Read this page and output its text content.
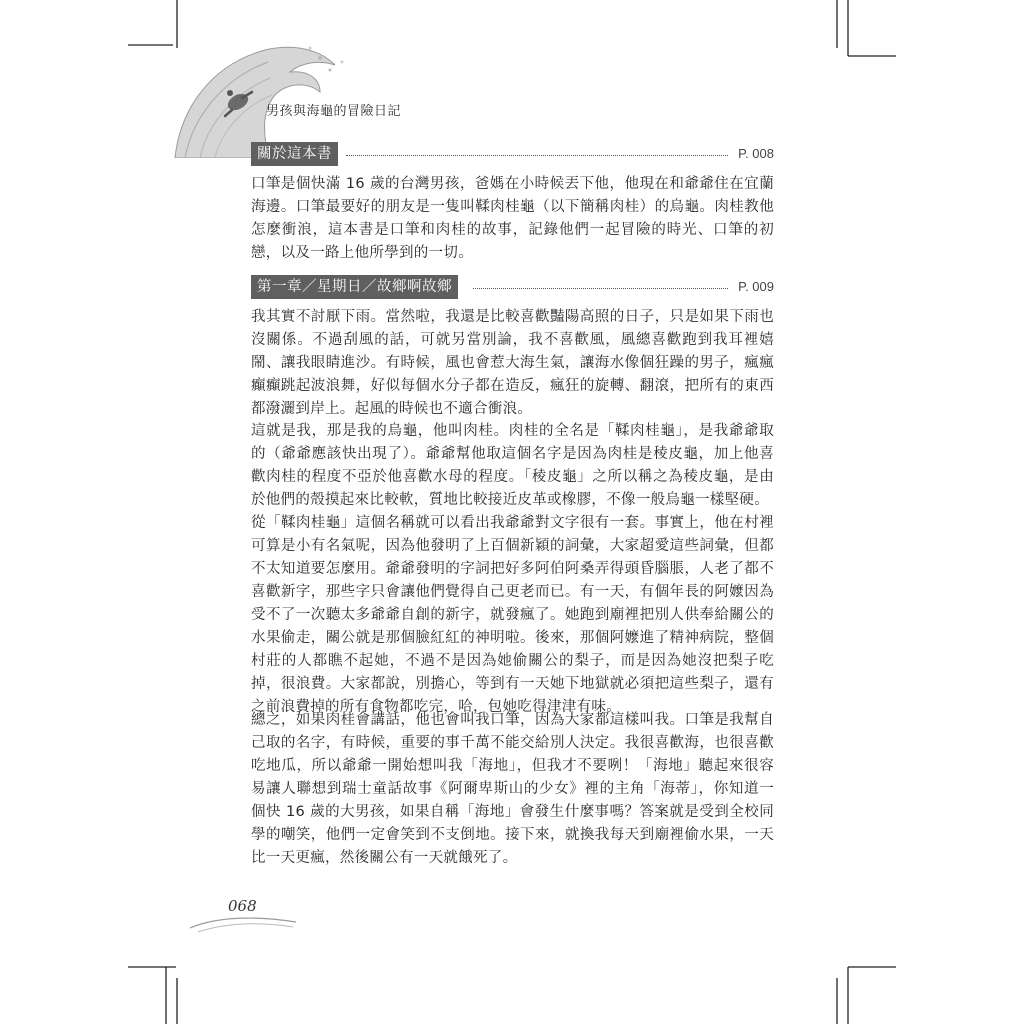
男孩與海龜的冒險日記
關於這本書	P. 008

口筆是個快滿 16 歲的台灣男孩，爸媽在小時候丟下他，他現在和爺爺住在宜蘭海邊。口筆最要好的朋友是一隻叫鞣肉桂龜（以下簡稱肉桂）的烏龜。肉桂教他怎麼衝浪，這本書是口筆和肉桂的故事，記錄他們一起冒險的時光、口筆的初戀，以及一路上他所學到的一切。

第一章／星期日／故鄉啊故鄉	P. 009

我其實不討厭下雨。當然啦，我還是比較喜歡豔陽高照的日子，只是如果下雨也沒關係。不過刮風的話，可就另當別論，我不喜歡風，風總喜歡跑到我耳裡嬉鬧、讓我眼睛進沙。有時候，風也會惹大海生氣，讓海水像個狂躁的男子，瘋瘋癲癲跳起波浪舞，好似每個水分子都在造反，瘋狂的旋轉、翻滾，把所有的東西都潑灑到岸上。起風的時候也不適合衝浪。

這就是我，那是我的烏龜，他叫肉桂。肉桂的全名是「鞣肉桂龜」，是我爺爺取的（爺爺應該快出現了）。爺爺幫他取這個名字是因為肉桂是稜皮龜，加上他喜歡肉桂的程度不亞於他喜歡水母的程度。「稜皮龜」之所以稱之為稜皮龜，是由於他們的殼摸起來比較軟，質地比較接近皮革或橡膠，不像一般烏龜一樣堅硬。

從「鞣肉桂龜」這個名稱就可以看出我爺爺對文字很有一套。事實上，他在村裡可算是小有名氣呢，因為他發明了上百個新穎的詞彙，大家超愛這些詞彙，但都不太知道要怎麼用。爺爺發明的字詞把好多阿伯阿桑弄得頭昏腦脹，人老了都不喜歡新字，那些字只會讓他們覺得自己更老而已。有一天，有個年長的阿嬤因為受不了一次聽太多爺爺自創的新字，就發瘋了。她跑到廟裡把別人供奉給關公的水果偷走，關公就是那個臉紅紅的神明啦。後來，那個阿嬤進了精神病院，整個村莊的人都瞧不起她，不過不是因為她偷關公的梨子，而是因為她沒把梨子吃掉，很浪費。大家都說，別擔心，等到有一天她下地獄就必須把這些梨子，還有之前浪費掉的所有食物都吃完，哈，包她吃得津津有味。

總之，如果肉桂會講話，他也會叫我口筆，因為大家都這樣叫我。口筆是我幫自己取的名字，有時候，重要的事千萬不能交給別人決定。我很喜歡海，也很喜歡吃地瓜，所以爺爺一開始想叫我「海地」，但我才不要咧！「海地」聽起來很容易讓人聯想到瑞士童話故事《阿爾卑斯山的少女》裡的主角「海蒂」，你知道一個快 16 歲的大男孩，如果自稱「海地」會發生什麼事嗎？答案就是受到全校同學的嘲笑，他們一定會笑到不支倒地。接下來，就換我每天到廟裡偷水果，一天比一天更瘋，然後關公有一天就餓死了。

068
